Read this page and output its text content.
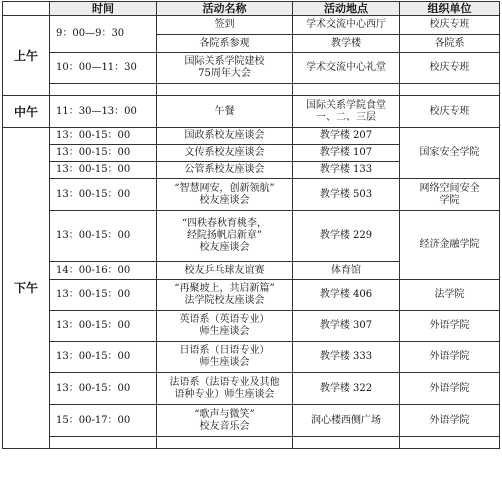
	时间	活动名称	活动地点	组织单位
上午	9：00—9：30	签到	学术交流中心西厅	校庆专班
		各院系参观	教学楼	各院系
	10：00—11：30	国际关系学院建校
75周年大会	学术交流中心礼堂	校庆专班

中午	11：30—13：00	午餐	国际关系学院食堂
一、二、三层	校庆专班
下午	13：00-15：00	国政系校友座谈会	教学楼 207	国家安全学院
	13：00-15：00	文传系校友座谈会	教学楼 107	
	13：00-15：00	公管系校友座谈会	教学楼 133	
	13：00-15：00	“智慧网安，创新领航”
校友座谈会	教学楼 503	网络空间安全
学院
	13：00-15：00	“四秩春秋育桃李，
经院扬帆启新章”
校友座谈会	教学楼 229	经济金融学院
	14：00-16：00	校友乒乓球友谊赛	体育馆	
	13：00-15：00	“再聚坡上，共启新篇”
法学院校友座谈会	教学楼 406	法学院
	13：00-15：00	英语系（英语专业）
师生座谈会	教学楼 307	外语学院
	13：00-15：00	日语系（日语专业）
师生座谈会	教学楼 333	外语学院
	13：00-15：00	法语系（法语专业及其他
语种专业）师生座谈会	教学楼 322	外语学院
	15：00-17：00	“歌声与微笑”
校友音乐会	润心楼西侧广场	外语学院
